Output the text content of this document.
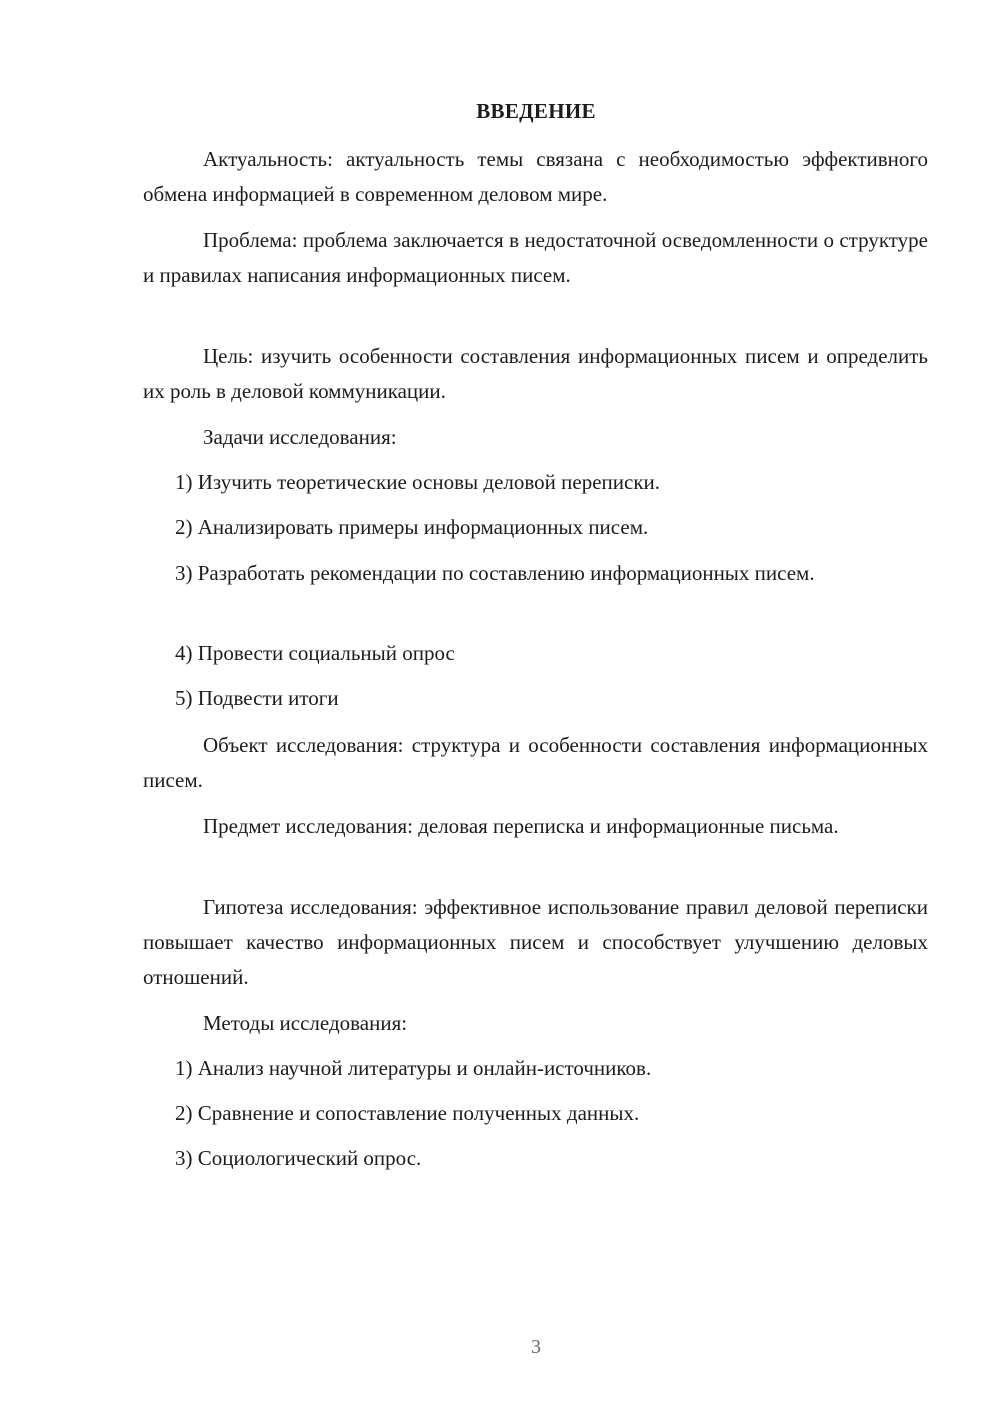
ВВЕДЕНИЕ

Актуальность: актуальность темы связана с необходимостью эффективного обмена информацией в современном деловом мире.

Проблема: проблема заключается в недостаточной осведомленности о структуре и правилах написания информационных писем.

Цель: изучить особенности составления информационных писем и определить их роль в деловой коммуникации.

Задачи исследования:

1) Изучить теоретические основы деловой переписки.

2) Анализировать примеры информационных писем.

3) Разработать рекомендации по составлению информационных писем.

4) Провести социальный опрос

5) Подвести итоги

Объект исследования: структура и особенности составления информационных писем.

Предмет исследования: деловая переписка и информационные письма.

Гипотеза исследования: эффективное использование правил деловой переписки повышает качество информационных писем и способствует улучшению деловых отношений.

Методы исследования:

1) Анализ научной литературы и онлайн-источников.

2) Сравнение и сопоставление полученных данных.

3) Социологический опрос.

3
